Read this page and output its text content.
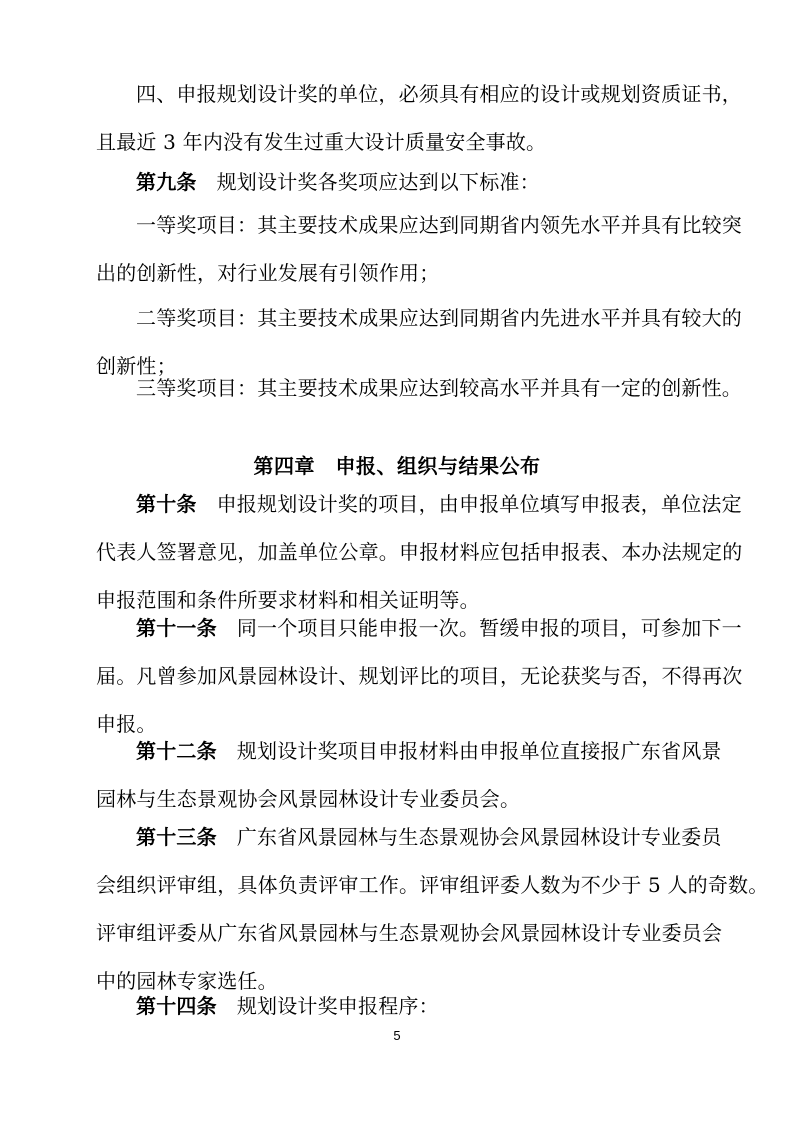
四、申报规划设计奖的单位，必须具有相应的设计或规划资质证书，
且最近 3 年内没有发生过重大设计质量安全事故。
第九条 规划设计奖各奖项应达到以下标准：
一等奖项目：其主要技术成果应达到同期省内领先水平并具有比较突
出的创新性，对行业发展有引领作用；
二等奖项目：其主要技术成果应达到同期省内先进水平并具有较大的
创新性；
三等奖项目：其主要技术成果应达到较高水平并具有一定的创新性。
第四章　申报、组织与结果公布
第十条 申报规划设计奖的项目，由申报单位填写申报表，单位法定
代表人签署意见，加盖单位公章。申报材料应包括申报表、本办法规定的
申报范围和条件所要求材料和相关证明等。
第十一条 同一个项目只能申报一次。暂缓申报的项目，可参加下一
届。凡曾参加风景园林设计、规划评比的项目，无论获奖与否，不得再次
申报。
第十二条 规划设计奖项目申报材料由申报单位直接报广东省风景
园林与生态景观协会风景园林设计专业委员会。
第十三条 广东省风景园林与生态景观协会风景园林设计专业委员
会组织评审组，具体负责评审工作。评审组评委人数为不少于 5 人的奇数。
评审组评委从广东省风景园林与生态景观协会风景园林设计专业委员会
中的园林专家选任。
第十四条 规划设计奖申报程序：
5
